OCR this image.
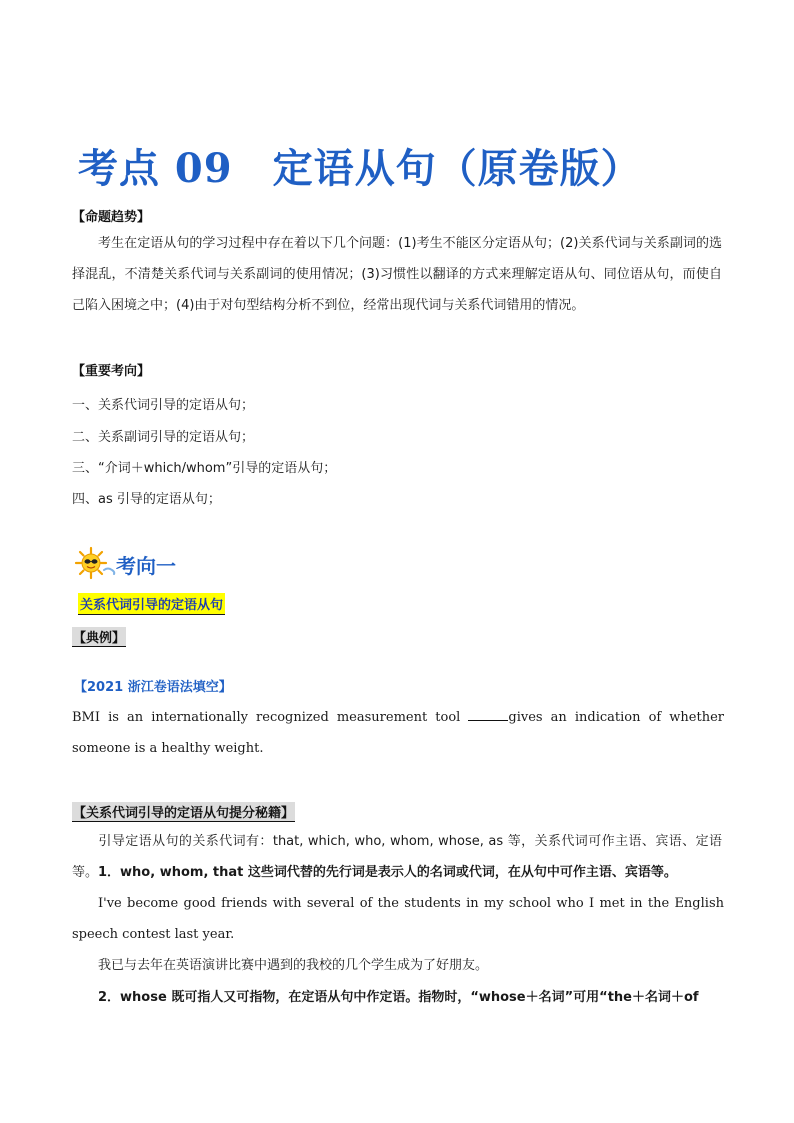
考点 09 定语从句（原卷版）
【命题趋势】
考生在定语从句的学习过程中存在着以下几个问题：(1)考生不能区分定语从句；(2)关系代词与关系副词的选择混乱，不清楚关系代词与关系副词的使用情况；(3)习惯性以翻译的方式来理解定语从句、同位语从句，而使自己陷入困境之中；(4)由于对句型结构分析不到位，经常出现代词与关系代词错用的情况。
【重要考向】
一、关系代词引导的定语从句；
二、关系副词引导的定语从句；
三、“介词＋which/whom”引导的定语从句；
四、as 引导的定语从句；
考向一
关系代词引导的定语从句
【典例】
【2021 浙江卷语法填空】
BMI is an internationally recognized measurement tool	gives an indication of whether someone is a healthy weight.
【关系代词引导的定语从句提分秘籍】
引导定语从句的关系代词有：that, which, who, whom, whose, as 等，关系代词可作主语、宾语、定语等。 1．who, whom, that 这些词代替的先行词是表示人的名词或代词，在从句中可作主语、宾语等。
I've become good friends with several of the students in my school who I met in the English speech contest last year.
我已与去年在英语演讲比赛中遇到的我校的几个学生成为了好朋友。
2．whose 既可指人又可指物，在定语从句中作定语。指物时，“whose＋名词”可用“the＋名词＋of
